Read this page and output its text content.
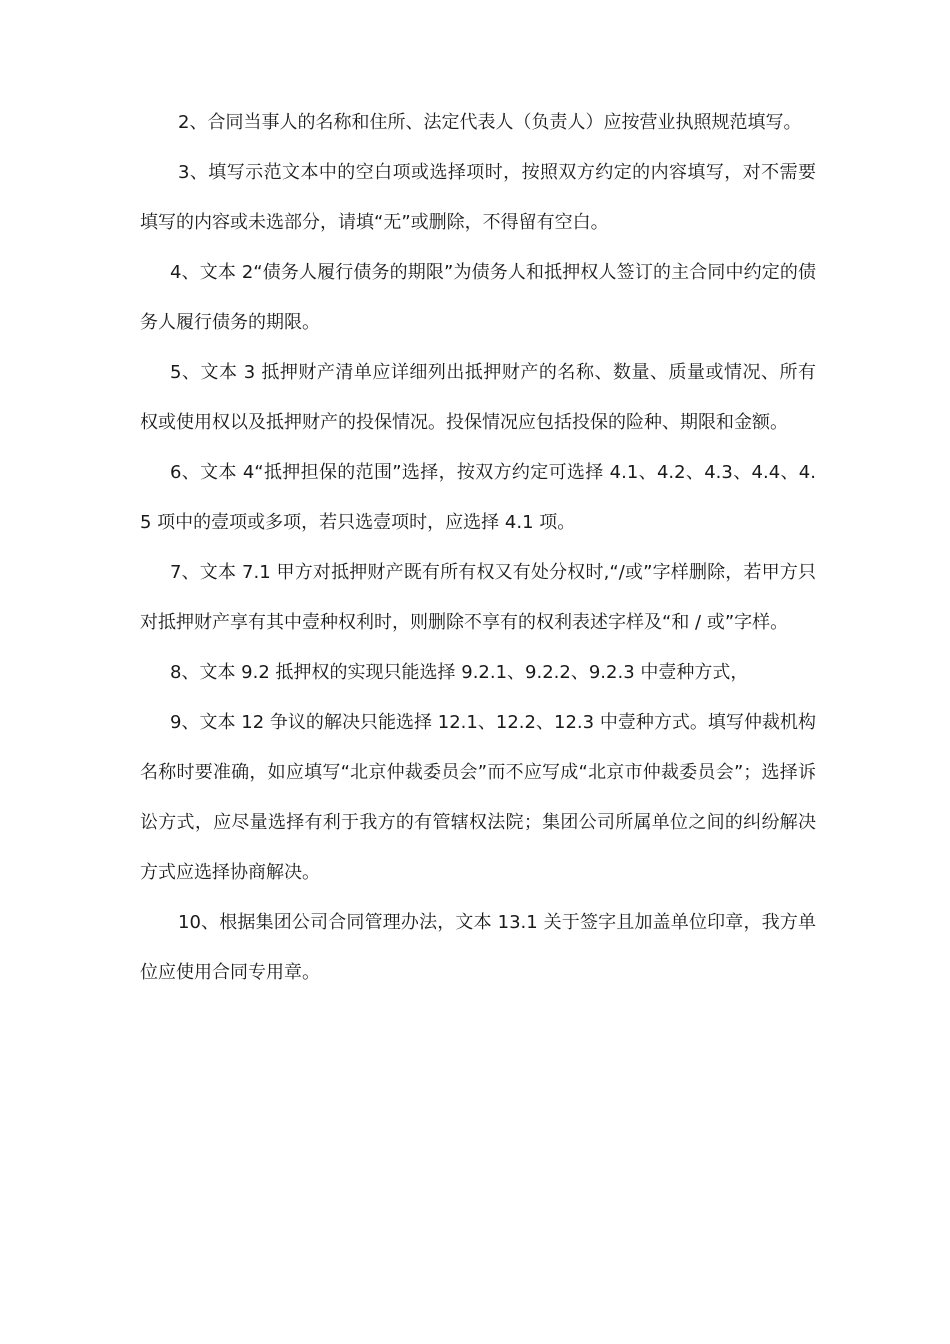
2、合同当事人的名称和住所、法定代表人（负责人）应按营业执照规范填写。

3、填写示范文本中的空白项或选择项时，按照双方约定的内容填写，对不需要填写的内容或未选部分，请填“无”或删除，不得留有空白。

4、文本 2“债务人履行债务的期限”为债务人和抵押权人签订的主合同中约定的债务人履行债务的期限。

5、文本 3 抵押财产清单应详细列出抵押财产的名称、数量、质量或情况、所有权或使用权以及抵押财产的投保情况。投保情况应包括投保的险种、期限和金额。

6、文本 4“抵押担保的范围”选择，按双方约定可选择 4.1、4.2、4.3、4.4、4.5 项中的壹项或多项，若只选壹项时，应选择 4.1 项。

7、文本 7.1 甲方对抵押财产既有所有权又有处分权时,“/或”字样删除，若甲方只对抵押财产享有其中壹种权利时，则删除不享有的权利表述字样及“和 / 或”字样。

8、文本 9.2 抵押权的实现只能选择 9.2.1、9.2.2、9.2.3 中壹种方式，

9、文本 12 争议的解决只能选择 12.1、12.2、12.3 中壹种方式。填写仲裁机构名称时要准确，如应填写“北京仲裁委员会”而不应写成“北京市仲裁委员会”；选择诉讼方式，应尽量选择有利于我方的有管辖权法院；集团公司所属单位之间的纠纷解决方式应选择协商解决。

10、根据集团公司合同管理办法，文本 13.1 关于签字且加盖单位印章，我方单位应使用合同专用章。
